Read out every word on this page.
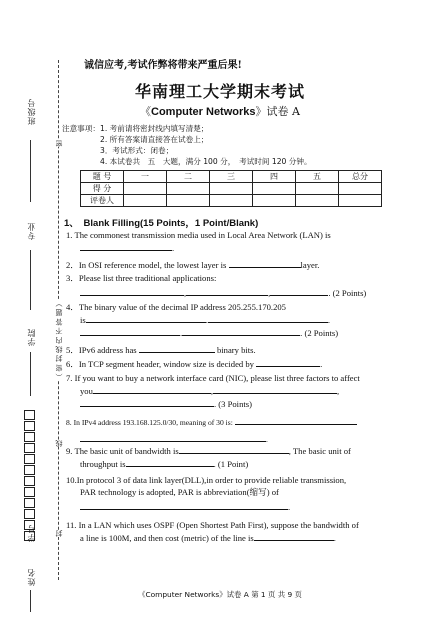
班级号
专业
学院
学号
姓名
密
（ 密 封 线 内 不 答 题 ）
线
封
诚信应考,考试作弊将带来严重后果!
华南理工大学期末考试
《Computer Networks》试卷 A
注意事项：1. 考前请将密封线内填写清楚；
2. 所有答案请直接答在试卷上；
3．考试形式：闭卷；
4. 本试卷共　五　大题，满分 100 分，　考试时间 120 分钟。
题 号	一	二	三	四	五	总分
得 分						
评卷人						
1、　Blank Filling(15 Points，1 Point/Blank)
1. The commonest transmission media used in Local Area Network (LAN) is
.
2．In OSI reference model, the lowest layer is	layer.
3．Please list three traditional applications:
,	,	. (2 Points)
4．The binary value of the decimal IP address 205.255.170.205
is	.	.
.	. (2 Points)
5．IPv6 address has	binary bits.
6．In TCP segment header, window size is decided by	.
7. If you want to buy a network interface card (NIC), please list three factors to affect
you	,	,
. (3 Points)
8. In IPv4 address 193.168.125.0/30, meaning of 30 is:
.
9. The basic unit of bandwidth is	, The basic unit of
throughput is	. (1 Point)
10.In protocol 3 of data link layer(DLL),in order to provide reliable transmission,
PAR technology is adopted, PAR is abbreviation(缩写) of
.
11. In a LAN which uses OSPF (Open Shortest Path First), suppose the bandwidth of
a line is 100M, and then cost (metric) of the line is	.
《Computer Networks》试卷 A 第 1 页 共 9 页
